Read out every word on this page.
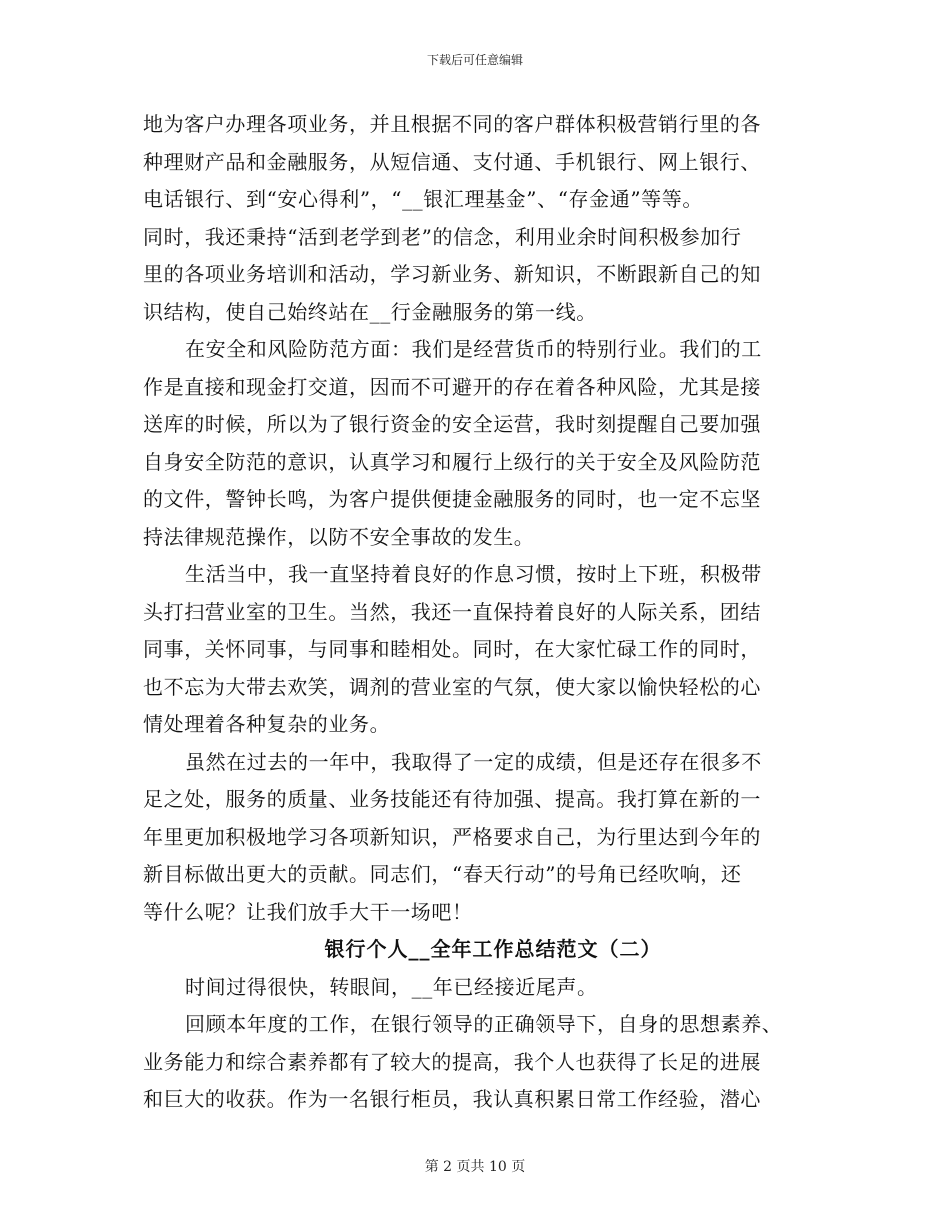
下载后可任意编辑
地为客户办理各项业务，并且根据不同的客户群体积极营销行里的各
种理财产品和金融服务，从短信通、支付通、手机银行、网上银行、
电话银行、到“安心得利”，“__银汇理基金”、“存金通”等等。
同时，我还秉持“活到老学到老”的信念，利用业余时间积极参加行
里的各项业务培训和活动，学习新业务、新知识，不断跟新自己的知
识结构，使自己始终站在__行金融服务的第一线。
在安全和风险防范方面：我们是经营货币的特别行业。我们的工
作是直接和现金打交道，因而不可避开的存在着各种风险，尤其是接
送库的时候，所以为了银行资金的安全运营，我时刻提醒自己要加强
自身安全防范的意识，认真学习和履行上级行的关于安全及风险防范
的文件，警钟长鸣，为客户提供便捷金融服务的同时，也一定不忘坚
持法律规范操作，以防不安全事故的发生。
生活当中，我一直坚持着良好的作息习惯，按时上下班，积极带
头打扫营业室的卫生。当然，我还一直保持着良好的人际关系，团结
同事，关怀同事，与同事和睦相处。同时，在大家忙碌工作的同时，
也不忘为大带去欢笑，调剂的营业室的气氛，使大家以愉快轻松的心
情处理着各种复杂的业务。
虽然在过去的一年中，我取得了一定的成绩，但是还存在很多不
足之处，服务的质量、业务技能还有待加强、提高。我打算在新的一
年里更加积极地学习各项新知识，严格要求自己，为行里达到今年的
新目标做出更大的贡献。同志们，“春天行动”的号角已经吹响，还
等什么呢？让我们放手大干一场吧！
银行个人__全年工作总结范文（二）
时间过得很快，转眼间，__年已经接近尾声。
回顾本年度的工作，在银行领导的正确领导下，自身的思想素养、
业务能力和综合素养都有了较大的提高，我个人也获得了长足的进展
和巨大的收获。作为一名银行柜员，我认真积累日常工作经验，潜心
第 2 页共 10 页
